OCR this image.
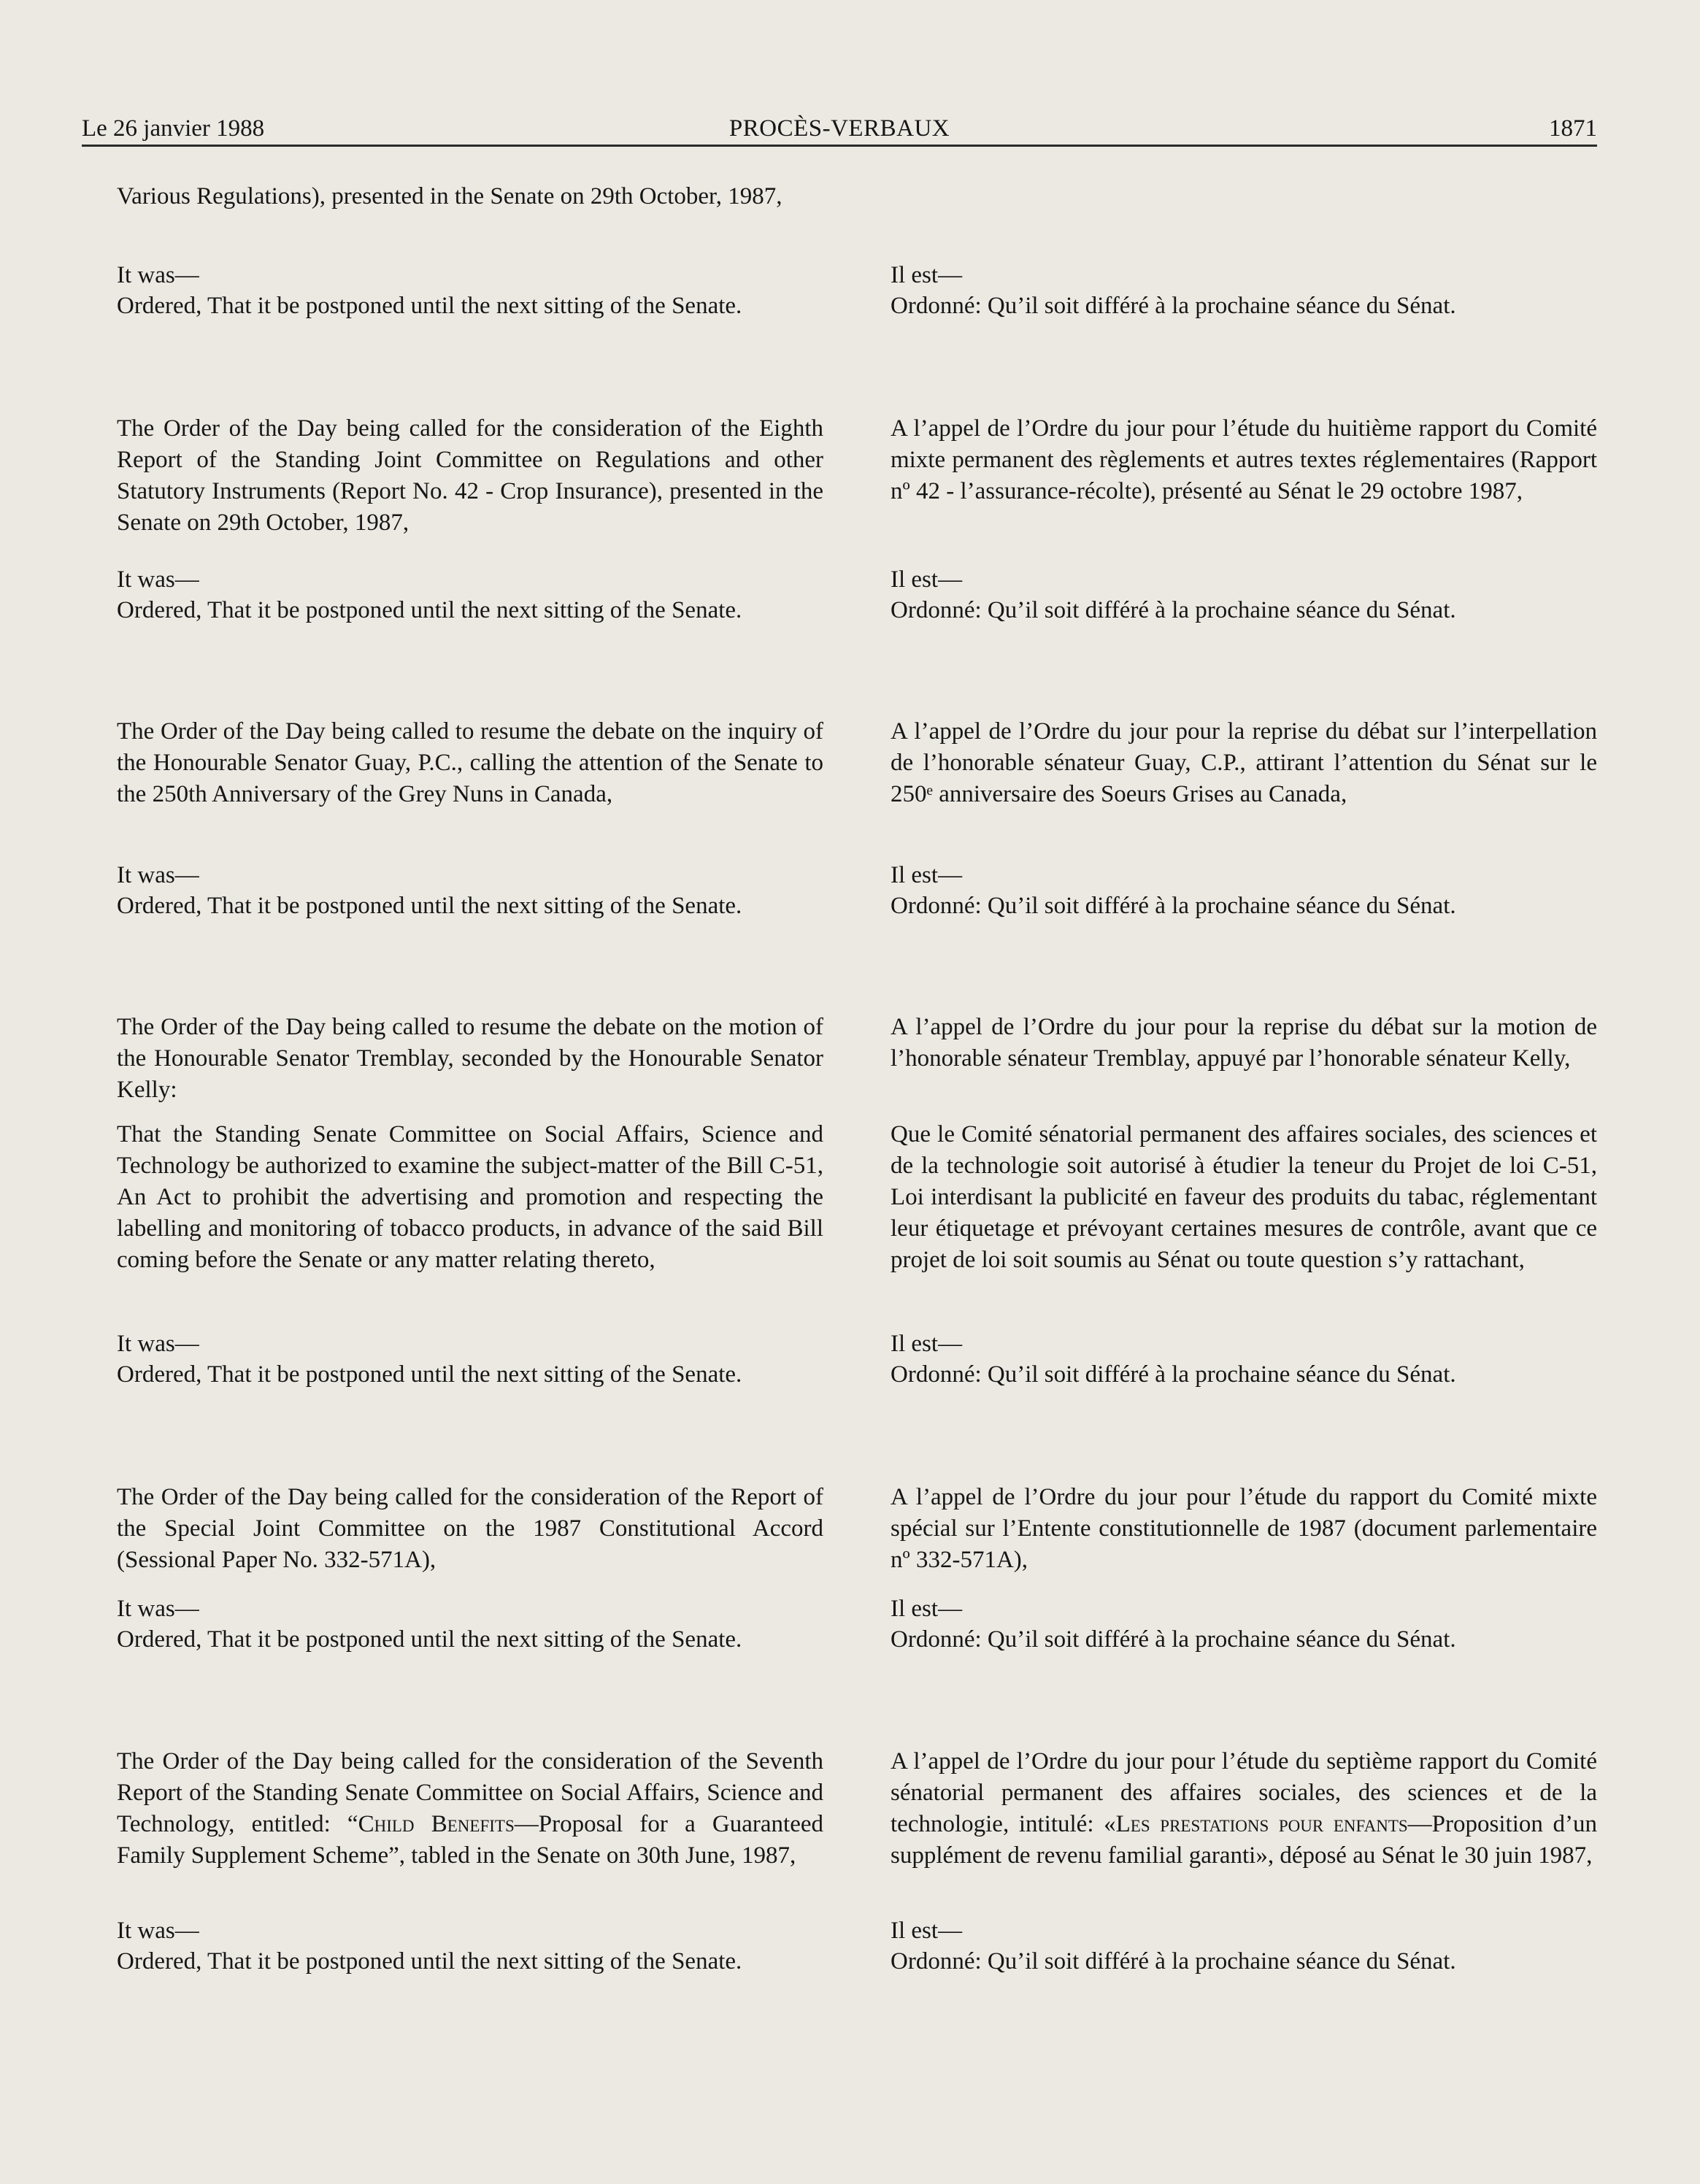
Le 26 janvier 1988	PROCÈS-VERBAUX	1871

Various Regulations), presented in the Senate on 29th October, 1987,

It was—

Ordered, That it be postponed until the next sitting of the Senate.

The Order of the Day being called for the consideration of the Eighth Report of the Standing Joint Committee on Regulations and other Statutory Instruments (Report No. 42 - Crop Insurance), presented in the Senate on 29th October, 1987,

It was—

Ordered, That it be postponed until the next sitting of the Senate.

The Order of the Day being called to resume the debate on the inquiry of the Honourable Senator Guay, P.C., calling the attention of the Senate to the 250th Anniversary of the Grey Nuns in Canada,

It was—

Ordered, That it be postponed until the next sitting of the Senate.

The Order of the Day being called to resume the debate on the motion of the Honourable Senator Tremblay, seconded by the Honourable Senator Kelly:

That the Standing Senate Committee on Social Affairs, Science and Technology be authorized to examine the subject-matter of the Bill C-51, An Act to prohibit the advertising and promotion and respecting the labelling and monitoring of tobacco products, in advance of the said Bill coming before the Senate or any matter relating thereto,

It was—

Ordered, That it be postponed until the next sitting of the Senate.

The Order of the Day being called for the consideration of the Report of the Special Joint Committee on the 1987 Constitutional Accord (Sessional Paper No. 332-571A),

It was—

Ordered, That it be postponed until the next sitting of the Senate.

The Order of the Day being called for the consideration of the Seventh Report of the Standing Senate Committee on Social Affairs, Science and Technology, entitled: “Child Benefits—Proposal for a Guaranteed Family Supplement Scheme”, tabled in the Senate on 30th June, 1987,

It was—

Ordered, That it be postponed until the next sitting of the Senate.

Il est—

Ordonné: Qu’il soit différé à la prochaine séance du Sénat.

A l’appel de l’Ordre du jour pour l’étude du huitième rapport du Comité mixte permanent des règlements et autres textes réglementaires (Rapport nº 42 - l’assurance-récolte), présenté au Sénat le 29 octobre 1987,

Il est—

Ordonné: Qu’il soit différé à la prochaine séance du Sénat.

A l’appel de l’Ordre du jour pour la reprise du débat sur l’interpellation de l’honorable sénateur Guay, C.P., attirant l’attention du Sénat sur le 250ᵉ anniversaire des Soeurs Grises au Canada,

Il est—

Ordonné: Qu’il soit différé à la prochaine séance du Sénat.

A l’appel de l’Ordre du jour pour la reprise du débat sur la motion de l’honorable sénateur Tremblay, appuyé par l’honorable sénateur Kelly,

Que le Comité sénatorial permanent des affaires sociales, des sciences et de la technologie soit autorisé à étudier la teneur du Projet de loi C-51, Loi interdisant la publicité en faveur des produits du tabac, réglementant leur étiquetage et prévoyant certaines mesures de contrôle, avant que ce projet de loi soit soumis au Sénat ou toute question s’y rattachant,

Il est—

Ordonné: Qu’il soit différé à la prochaine séance du Sénat.

A l’appel de l’Ordre du jour pour l’étude du rapport du Comité mixte spécial sur l’Entente constitutionnelle de 1987 (document parlementaire nº 332-571A),

Il est—

Ordonné: Qu’il soit différé à la prochaine séance du Sénat.

A l’appel de l’Ordre du jour pour l’étude du septième rapport du Comité sénatorial permanent des affaires sociales, des sciences et de la technologie, intitulé: «Les prestations pour enfants—Proposition d’un supplément de revenu familial garanti», déposé au Sénat le 30 juin 1987,

Il est—

Ordonné: Qu’il soit différé à la prochaine séance du Sénat.
